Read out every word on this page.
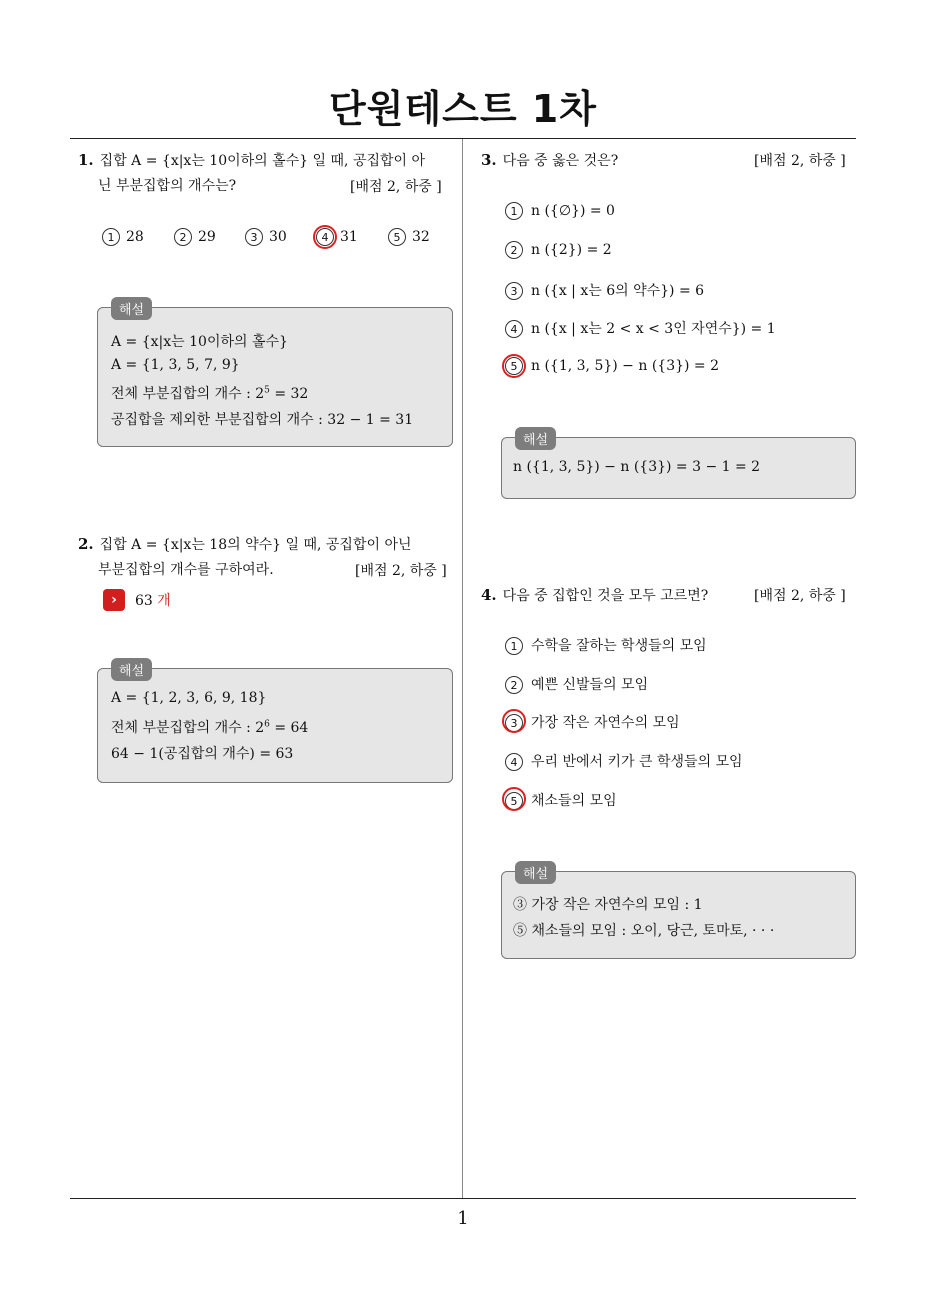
단원테스트 1차
1. 집합 A = {x|x는 10이하의 홀수} 일 때, 공집합이 아
닌 부분집합의 개수는?	[배점 2, 하중 ]
1 28	2 29	3 30	4 31	5 32
해설
A = {x|x는 10이하의 홀수}
A = {1, 3, 5, 7, 9}
전체 부분집합의 개수 : $2^5 = 32$
공집합을 제외한 부분집합의 개수 : 32 − 1 = 31
2. 집합 A = {x|x는 18의 약수} 일 때, 공집합이 아닌
부분집합의 개수를 구하여라.	[배점 2, 하중 ]
›	63 개
해설
A = {1, 2, 3, 6, 9, 18}
전체 부분집합의 개수 : $2^6 = 64$
64 − 1(공집합의 개수) = 63
3. 다음 중 옳은 것은?	[배점 2, 하중 ]
1 n ({∅}) = 0
2 n ({2}) = 2
3 n ({x | x는 6의 약수}) = 6
4 n ({x | x는 2 < x < 3인 자연수}) = 1
5 n ({1, 3, 5}) − n ({3}) = 2
해설
n ({1, 3, 5}) − n ({3}) = 3 − 1 = 2
4. 다음 중 집합인 것을 모두 고르면?	[배점 2, 하중 ]
1 수학을 잘하는 학생들의 모임
2 예쁜 신발들의 모임
3 가장 작은 자연수의 모임
4 우리 반에서 키가 큰 학생들의 모임
5 채소들의 모임
해설
③ 가장 작은 자연수의 모임 : 1
⑤ 채소들의 모임 : 오이, 당근, 토마토, · · ·
1
